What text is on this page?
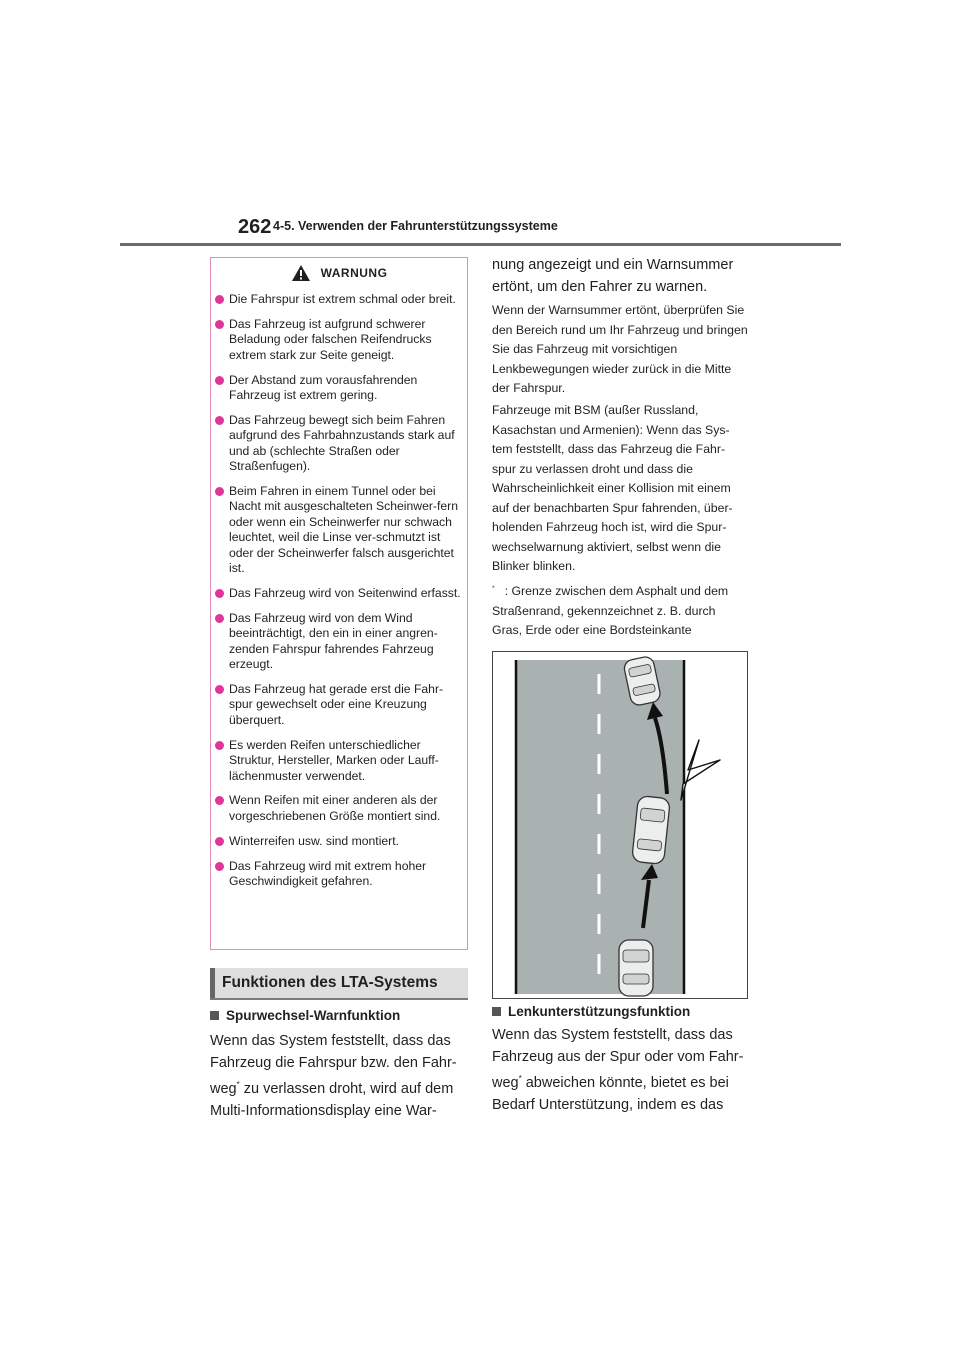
262 4-5. Verwenden der Fahrunterstützungssysteme
WARNUNG
Die Fahrspur ist extrem schmal oder breit.
Das Fahrzeug ist aufgrund schwerer Beladung oder falschen Reifendrucks extrem stark zur Seite geneigt.
Der Abstand zum vorausfahrenden Fahrzeug ist extrem gering.
Das Fahrzeug bewegt sich beim Fahren aufgrund des Fahrbahnzustands stark auf und ab (schlechte Straßen oder Straßenfugen).
Beim Fahren in einem Tunnel oder bei Nacht mit ausgeschalteten Scheinwer-fern oder wenn ein Scheinwerfer nur schwach leuchtet, weil die Linse ver-schmutzt ist oder der Scheinwerfer falsch ausgerichtet ist.
Das Fahrzeug wird von Seitenwind erfasst.
Das Fahrzeug wird von dem Wind beeinträchtigt, den ein in einer angren-zenden Fahrspur fahrendes Fahrzeug erzeugt.
Das Fahrzeug hat gerade erst die Fahr-spur gewechselt oder eine Kreuzung überquert.
Es werden Reifen unterschiedlicher Struktur, Hersteller, Marken oder Lauff-lächenmuster verwendet.
Wenn Reifen mit einer anderen als der vorgeschriebenen Größe montiert sind.
Winterreifen usw. sind montiert.
Das Fahrzeug wird mit extrem hoher Geschwindigkeit gefahren.
Funktionen des LTA-Systems
Spurwechsel-Warnfunktion
Wenn das System feststellt, dass das Fahrzeug die Fahrspur bzw. den Fahr-weg* zu verlassen droht, wird auf dem Multi-Informationsdisplay eine War-
nung angezeigt und ein Warnsummer ertönt, um den Fahrer zu warnen.
Wenn der Warnsummer ertönt, überprüfen Sie den Bereich rund um Ihr Fahrzeug und bringen Sie das Fahrzeug mit vorsichtigen Lenkbewegungen wieder zurück in die Mitte der Fahrspur.
Fahrzeuge mit BSM (außer Russland, Kasachstan und Armenien): Wenn das Sys-tem feststellt, dass das Fahrzeug die Fahr-spur zu verlassen droht und dass die Wahrscheinlichkeit einer Kollision mit einem auf der benachbarten Spur fahrenden, über-holenden Fahrzeug hoch ist, wird die Spur-wechselwarnung aktiviert, selbst wenn die Blinker blinken.
* : Grenze zwischen dem Asphalt und dem Straßenrand, gekennzeichnet z. B. durch Gras, Erde oder eine Bordsteinkante
Lenkunterstützungsfunktion
Wenn das System feststellt, dass das Fahrzeug aus der Spur oder vom Fahr-weg* abweichen könnte, bietet es bei Bedarf Unterstützung, indem es das
